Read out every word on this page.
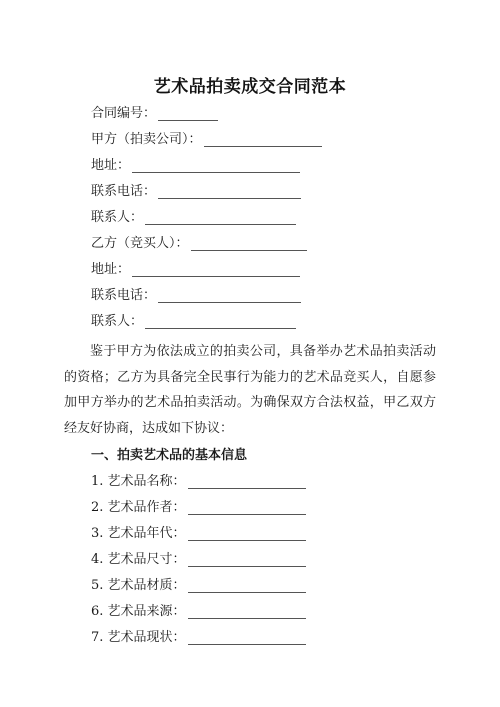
艺术品拍卖成交合同范本
合同编号：
甲方（拍卖公司）：
地址：
联系电话：
联系人：
乙方（竞买人）：
地址：
联系电话：
联系人：

鉴于甲方为依法成立的拍卖公司，具备举办艺术品拍卖活动的资格；乙方为具备完全民事行为能力的艺术品竞买人，自愿参加甲方举办的艺术品拍卖活动。为确保双方合法权益，甲乙双方经友好协商，达成如下协议：

一、拍卖艺术品的基本信息
1. 艺术品名称：
2. 艺术品作者：
3. 艺术品年代：
4. 艺术品尺寸：
5. 艺术品材质：
6. 艺术品来源：
7. 艺术品现状：
